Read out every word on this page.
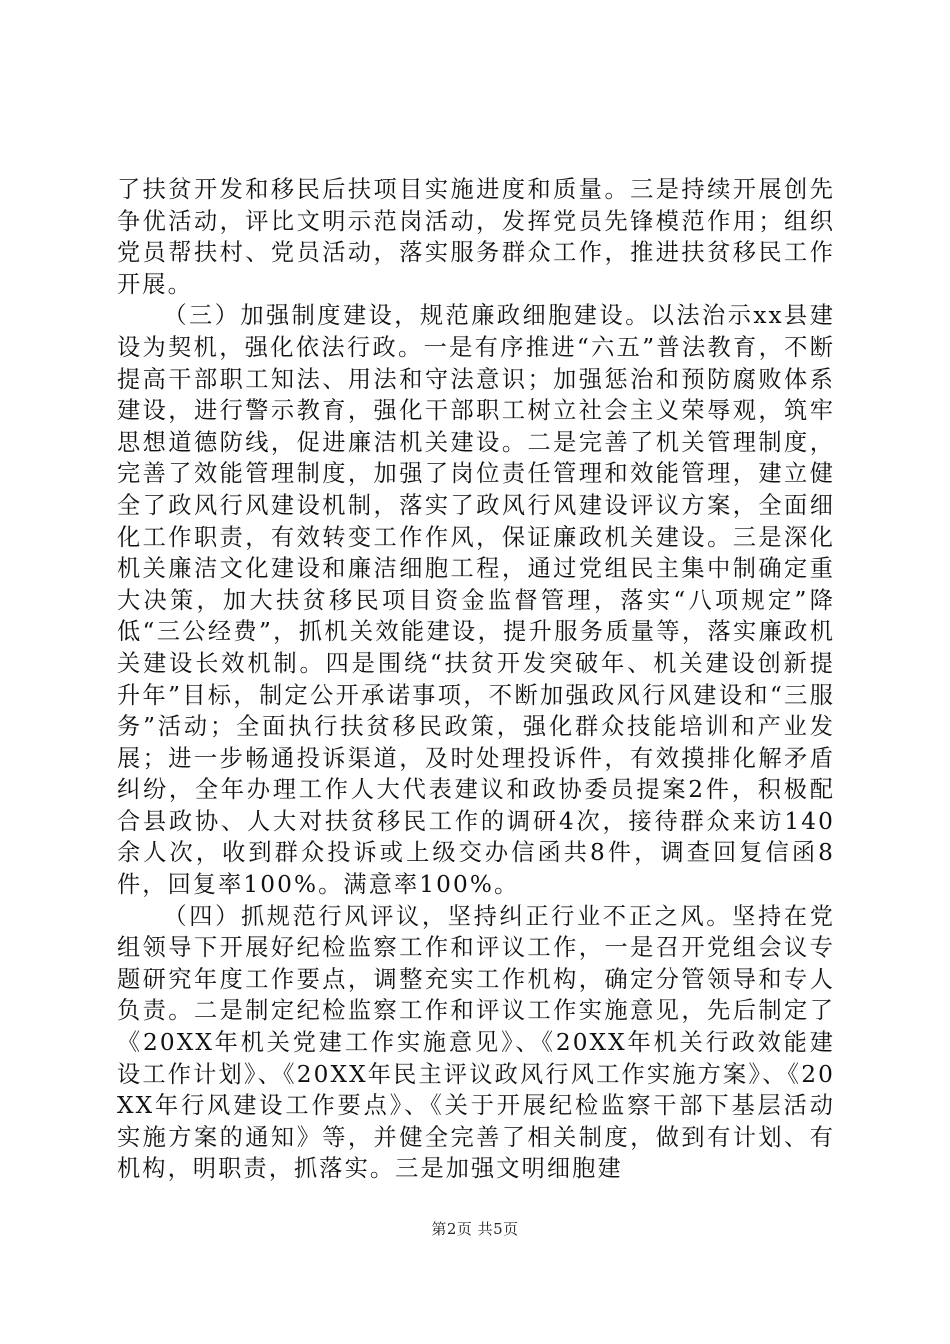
了扶贫开发和移民后扶项目实施进度和质量。三是持续开展创先争优活动，评比文明示范岗活动，发挥党员先锋模范作用；组织党员帮扶村、党员活动，落实服务群众工作，推进扶贫移民工作开展。

（三）加强制度建设，规范廉政细胞建设。以法治示xx县建设为契机，强化依法行政。一是有序推进“六五”普法教育，不断提高干部职工知法、用法和守法意识；加强惩治和预防腐败体系建设，进行警示教育，强化干部职工树立社会主义荣辱观，筑牢思想道德防线，促进廉洁机关建设。二是完善了机关管理制度，完善了效能管理制度，加强了岗位责任管理和效能管理，建立健全了政风行风建设机制，落实了政风行风建设评议方案，全面细化工作职责，有效转变工作作风，保证廉政机关建设。三是深化机关廉洁文化建设和廉洁细胞工程，通过党组民主集中制确定重大决策，加大扶贫移民项目资金监督管理，落实“八项规定”降低“三公经费”，抓机关效能建设，提升服务质量等，落实廉政机关建设长效机制。四是围绕“扶贫开发突破年、机关建设创新提升年”目标，制定公开承诺事项，不断加强政风行风建设和“三服务”活动；全面执行扶贫移民政策，强化群众技能培训和产业发展；进一步畅通投诉渠道，及时处理投诉件，有效摸排化解矛盾纠纷，全年办理工作人大代表建议和政协委员提案2件，积极配合县政协、人大对扶贫移民工作的调研4次，接待群众来访140余人次，收到群众投诉或上级交办信函共8件，调查回复信函8件，回复率100%。满意率100%。

（四）抓规范行风评议，坚持纠正行业不正之风。坚持在党组领导下开展好纪检监察工作和评议工作，一是召开党组会议专题研究年度工作要点，调整充实工作机构，确定分管领导和专人负责。二是制定纪检监察工作和评议工作实施意见，先后制定了《20XX年机关党建工作实施意见》、《20XX年机关行政效能建设工作计划》、《20XX年民主评议政风行风工作实施方案》、《20XX年行风建设工作要点》、《关于开展纪检监察干部下基层活动实施方案的通知》等，并健全完善了相关制度，做到有计划、有机构，明职责，抓落实。三是加强文明细胞建

第2页 共5页
